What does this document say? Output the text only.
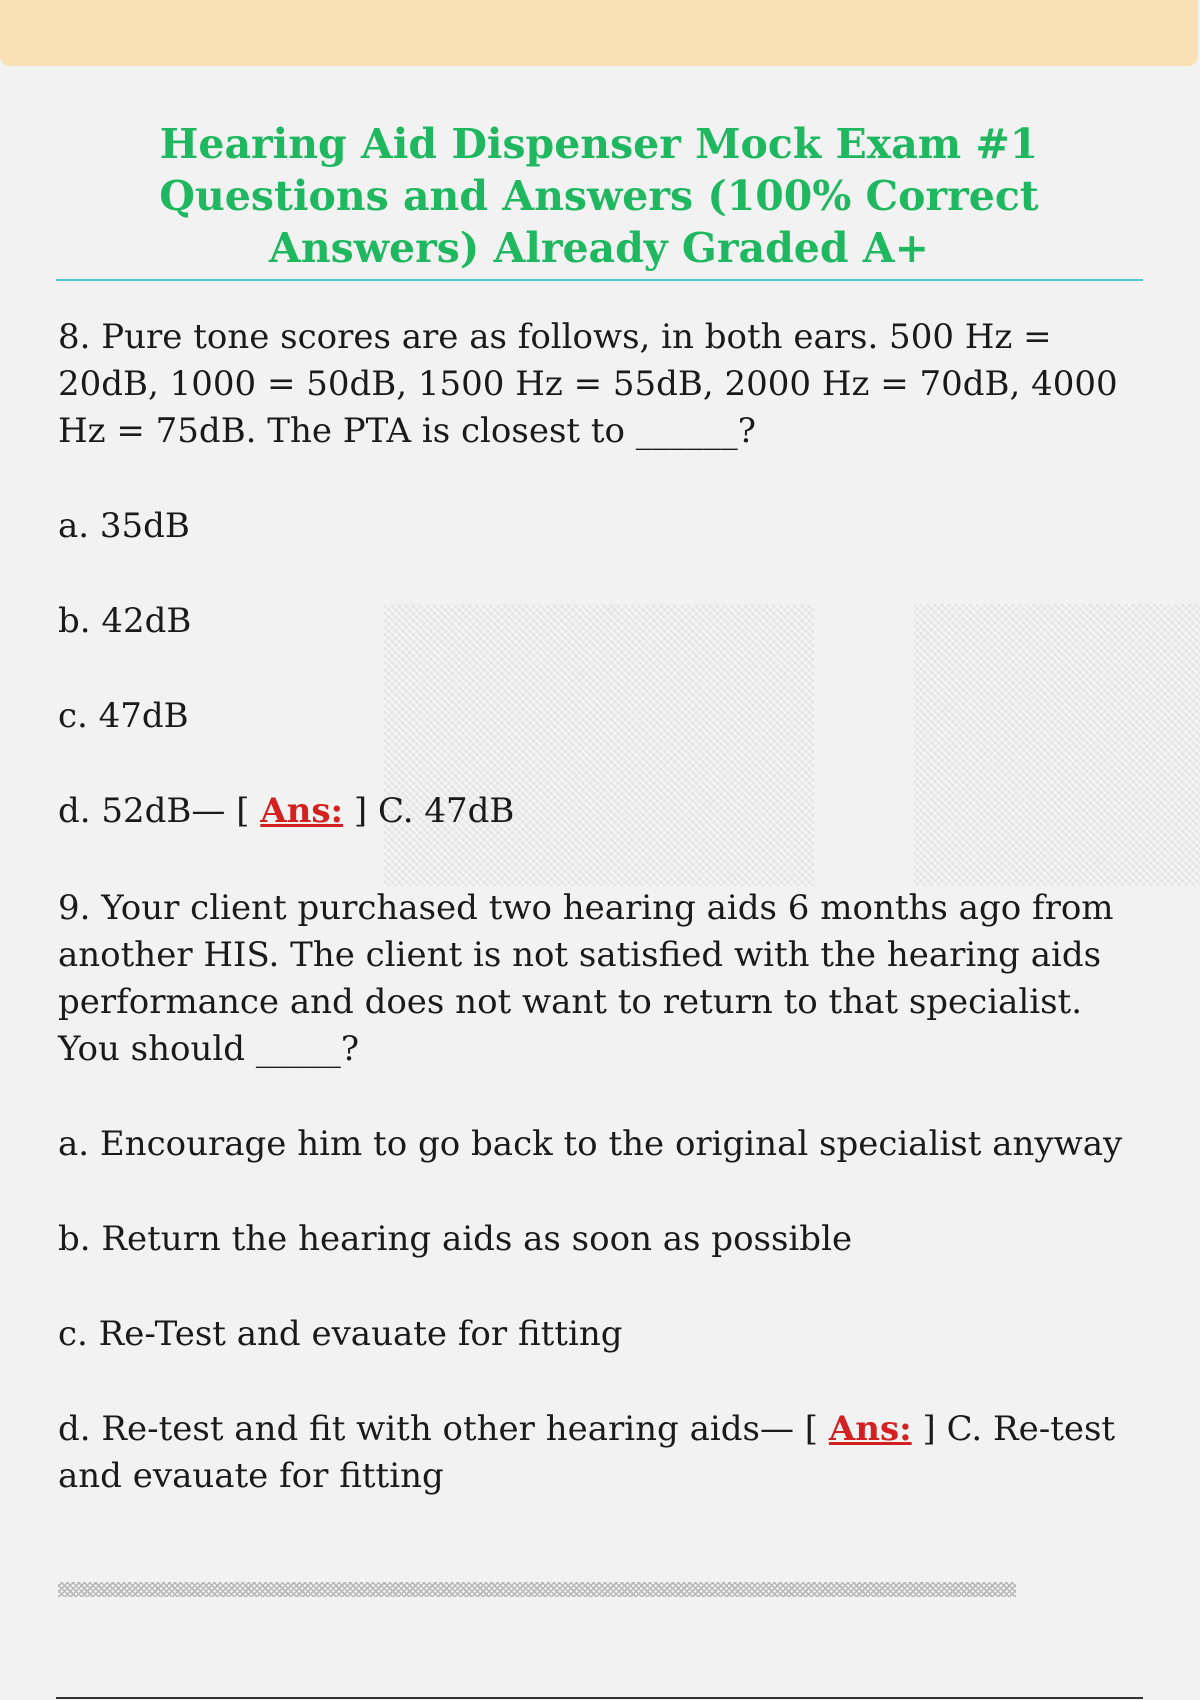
Hearing Aid Dispenser Mock Exam #1 Questions and Answers (100% Correct Answers) Already Graded A+

8. Pure tone scores are as follows, in both ears. 500 Hz = 20dB, 1000 = 50dB, 1500 Hz = 55dB, 2000 Hz = 70dB, 4000 Hz = 75dB. The PTA is closest to ______?

a. 35dB

b. 42dB

c. 47dB

d. 52dB— [ Ans: ] C. 47dB

9. Your client purchased two hearing aids 6 months ago from another HIS. The client is not satisfied with the hearing aids performance and does not want to return to that specialist. You should _____?

a. Encourage him to go back to the original specialist anyway

b. Return the hearing aids as soon as possible

c. Re-Test and evauate for fitting

d. Re-test and fit with other hearing aids— [ Ans: ] C. Re-test and evauate for fitting
